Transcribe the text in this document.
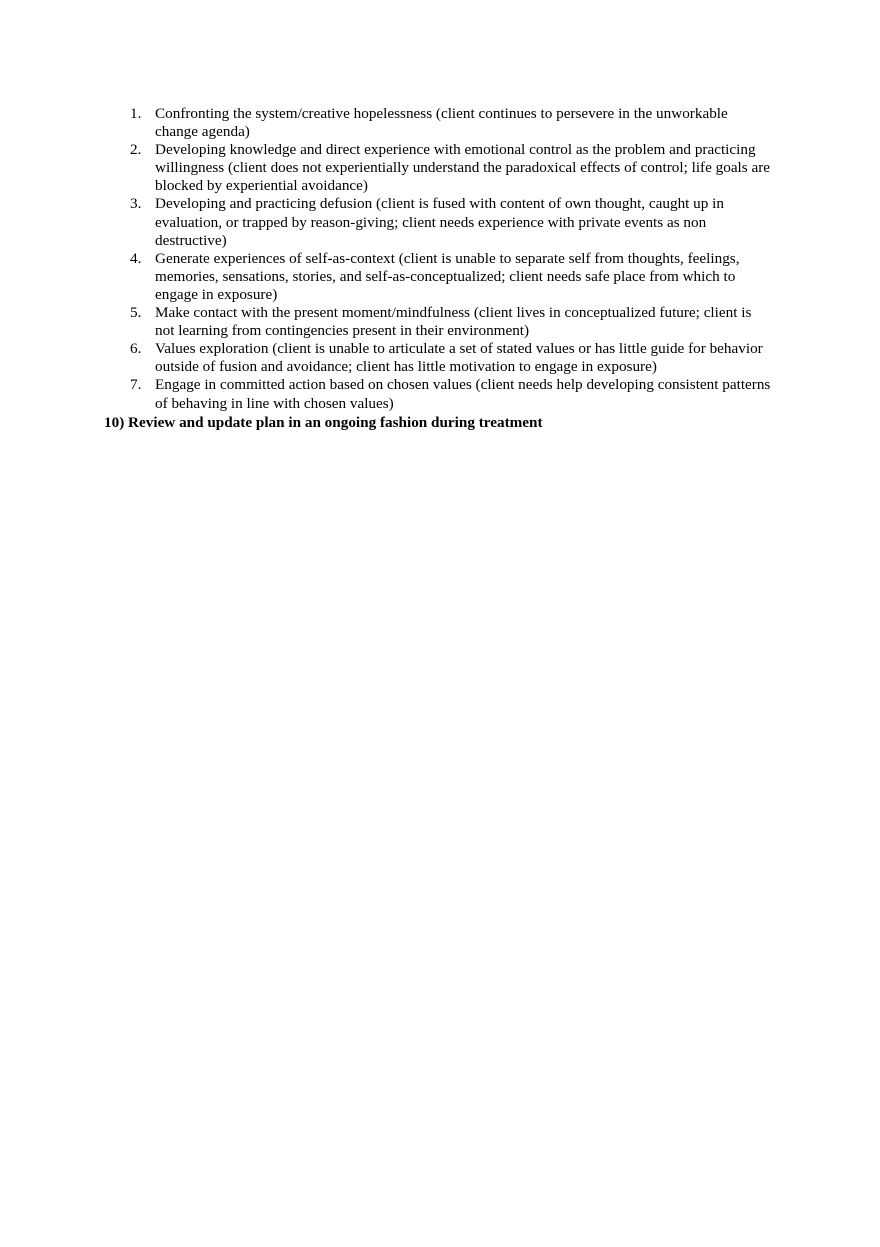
1. Confronting the system/creative hopelessness (client continues to persevere in the unworkable change agenda)
2. Developing knowledge and direct experience with emotional control as the problem and practicing willingness (client does not experientially understand the paradoxical effects of control; life goals are blocked by experiential avoidance)
3. Developing and practicing defusion (client is fused with content of own thought, caught up in evaluation, or trapped by reason-giving; client needs experience with private events as non destructive)
4. Generate experiences of self-as-context (client is unable to separate self from thoughts, feelings, memories, sensations, stories, and self-as-conceptualized; client needs safe place from which to engage in exposure)
5. Make contact with the present moment/mindfulness (client lives in conceptualized future; client is not learning from contingencies present in their environment)
6. Values exploration (client is unable to articulate a set of stated values or has little guide for behavior outside of fusion and avoidance; client has little motivation to engage in exposure)
7. Engage in committed action based on chosen values (client needs help developing consistent patterns of behaving in line with chosen values)

10) Review and update plan in an ongoing fashion during treatment
